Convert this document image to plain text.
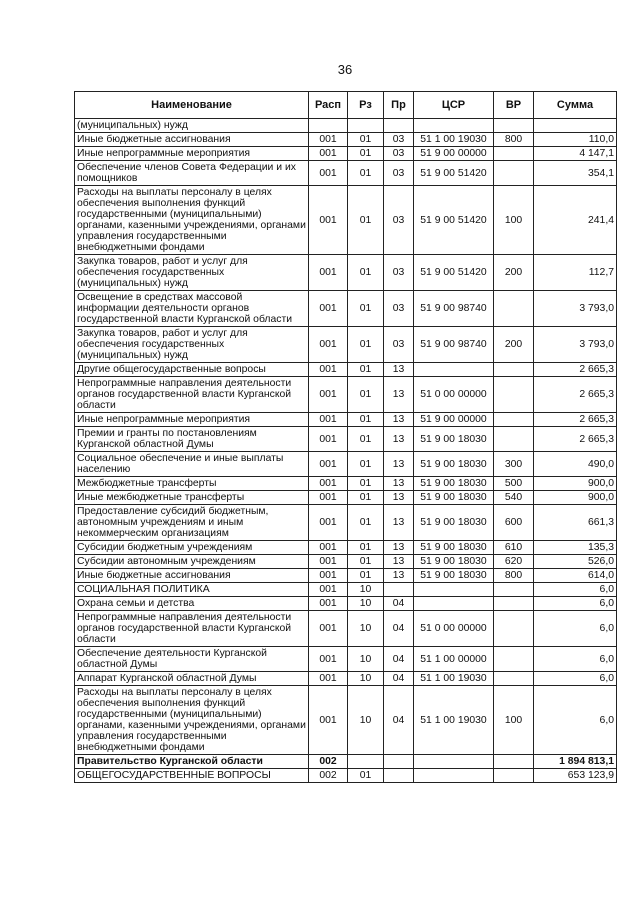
36
Наименование	Расп	Рз	Пр	ЦСР	ВР	Сумма
(муниципальных) нужд						
Иные бюджетные ассигнования	001	01	03	51 1 00 19030	800	110,0
Иные непрограммные мероприятия	001	01	03	51 9 00 00000		4 147,1
Обеспечение членов Совета Федерации и их помощников	001	01	03	51 9 00 51420		354,1
Расходы на выплаты персоналу в целях обеспечения выполнения функций государственными (муниципальными) органами, казенными учреждениями, органами управления государственными внебюджетными фондами	001	01	03	51 9 00 51420	100	241,4
Закупка товаров, работ и услуг для обеспечения государственных (муниципальных) нужд	001	01	03	51 9 00 51420	200	112,7
Освещение в средствах массовой информации деятельности органов государственной власти Курганской области	001	01	03	51 9 00 98740		3 793,0
Закупка товаров, работ и услуг для обеспечения государственных (муниципальных) нужд	001	01	03	51 9 00 98740	200	3 793,0
Другие общегосударственные вопросы	001	01	13			2 665,3
Непрограммные направления деятельности органов государственной власти Курганской области	001	01	13	51 0 00 00000		2 665,3
Иные непрограммные мероприятия	001	01	13	51 9 00 00000		2 665,3
Премии и гранты по постановлениям Курганской областной Думы	001	01	13	51 9 00 18030		2 665,3
Социальное обеспечение и иные выплаты населению	001	01	13	51 9 00 18030	300	490,0
Межбюджетные трансферты	001	01	13	51 9 00 18030	500	900,0
Иные межбюджетные трансферты	001	01	13	51 9 00 18030	540	900,0
Предоставление субсидий бюджетным, автономным учреждениям и иным некоммерческим организациям	001	01	13	51 9 00 18030	600	661,3
Субсидии бюджетным учреждениям	001	01	13	51 9 00 18030	610	135,3
Субсидии автономным учреждениям	001	01	13	51 9 00 18030	620	526,0
Иные бюджетные ассигнования	001	01	13	51 9 00 18030	800	614,0
СОЦИАЛЬНАЯ ПОЛИТИКА	001	10				6,0
Охрана семьи и детства	001	10	04			6,0
Непрограммные направления деятельности органов государственной власти Курганской области	001	10	04	51 0 00 00000		6,0
Обеспечение деятельности Курганской областной Думы	001	10	04	51 1 00 00000		6,0
Аппарат Курганской областной Думы	001	10	04	51 1 00 19030		6,0
Расходы на выплаты персоналу в целях обеспечения выполнения функций государственными (муниципальными) органами, казенными учреждениями, органами управления государственными внебюджетными фондами	001	10	04	51 1 00 19030	100	6,0
Правительство Курганской области	002					1 894 813,1
ОБЩЕГОСУДАРСТВЕННЫЕ ВОПРОСЫ	002	01				653 123,9
